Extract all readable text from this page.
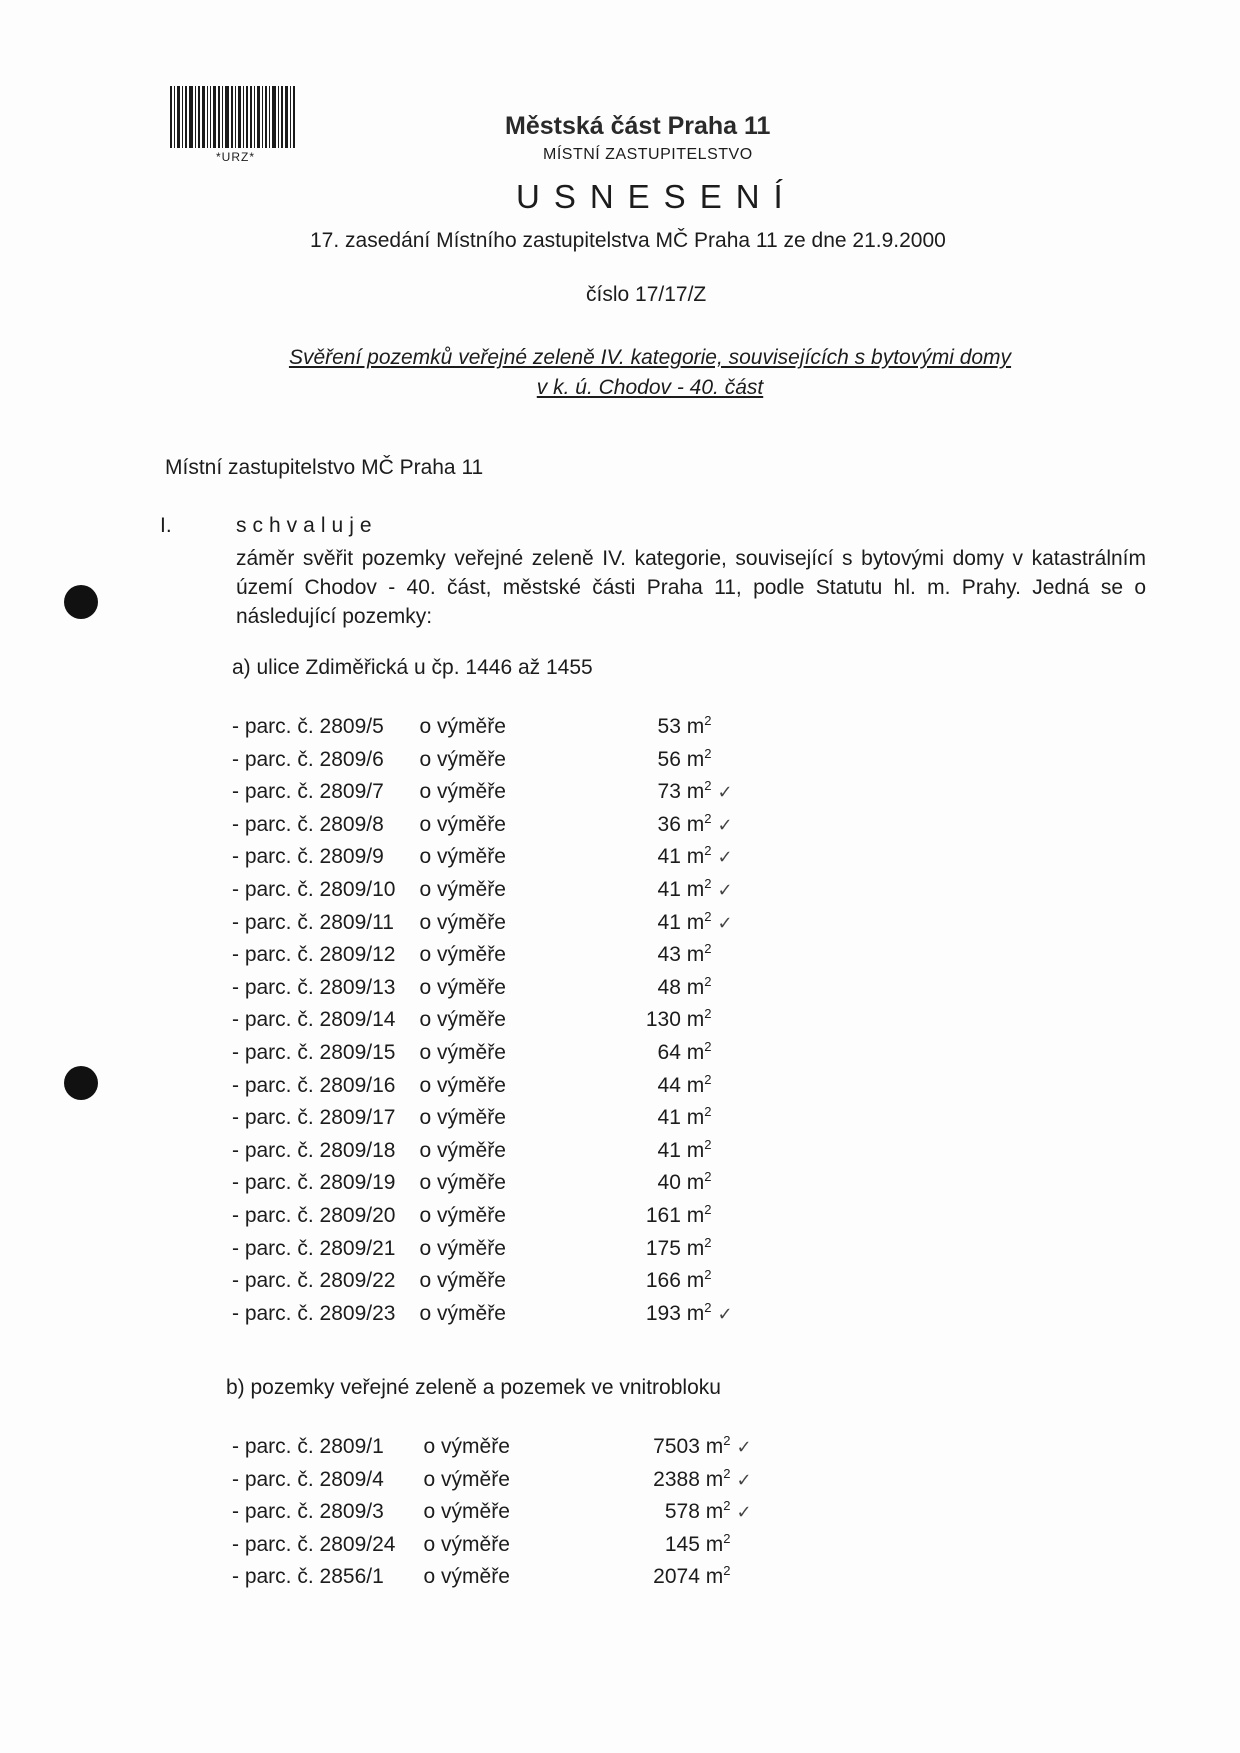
*URZ*
Městská část Praha 11
MÍSTNÍ ZASTUPITELSTVO
USNESENÍ
17. zasedání Místního zastupitelstva MČ Praha 11 ze dne 21.9.2000
číslo 17/17/Z
Svěření pozemků veřejné zeleně IV. kategorie, souvisejících s bytovými domy
v k. ú. Chodov - 40. část
Místní zastupitelstvo MČ Praha 11
I.	schvaluje
záměr svěřit pozemky veřejné zeleně IV. kategorie, související s bytovými domy v katastrálním území Chodov - 40. část, městské části Praha 11, podle Statutu hl. m. Prahy. Jedná se o následující pozemky:
a) ulice Zdiměřická u čp. 1446 až 1455
- parc. č. 2809/5 o výměře	53 $m^2$
- parc. č. 2809/6 o výměře	56 $m^2$
- parc. č. 2809/7 o výměře	73 $m^2$ ✓
- parc. č. 2809/8 o výměře	36 $m^2$ ✓
- parc. č. 2809/9 o výměře	41 $m^2$ ✓
- parc. č. 2809/10 o výměře	41 $m^2$ ✓
- parc. č. 2809/11 o výměře	41 $m^2$ ✓
- parc. č. 2809/12 o výměře	43 $m^2$
- parc. č. 2809/13 o výměře	48 $m^2$
- parc. č. 2809/14 o výměře	130 $m^2$
- parc. č. 2809/15 o výměře	64 $m^2$
- parc. č. 2809/16 o výměře	44 $m^2$
- parc. č. 2809/17 o výměře	41 $m^2$
- parc. č. 2809/18 o výměře	41 $m^2$
- parc. č. 2809/19 o výměře	40 $m^2$
- parc. č. 2809/20 o výměře	161 $m^2$
- parc. č. 2809/21 o výměře	175 $m^2$
- parc. č. 2809/22 o výměře	166 $m^2$
- parc. č. 2809/23 o výměře	193 $m^2$ ✓
b) pozemky veřejné zeleně a pozemek ve vnitrobloku
- parc. č. 2809/1 o výměře	7503 $m^2$ ✓
- parc. č. 2809/4 o výměře	2388 $m^2$ ✓
- parc. č. 2809/3 o výměře	578 $m^2$ ✓
- parc. č. 2809/24 o výměře	145 $m^2$
- parc. č. 2856/1 o výměře	2074 $m^2$
